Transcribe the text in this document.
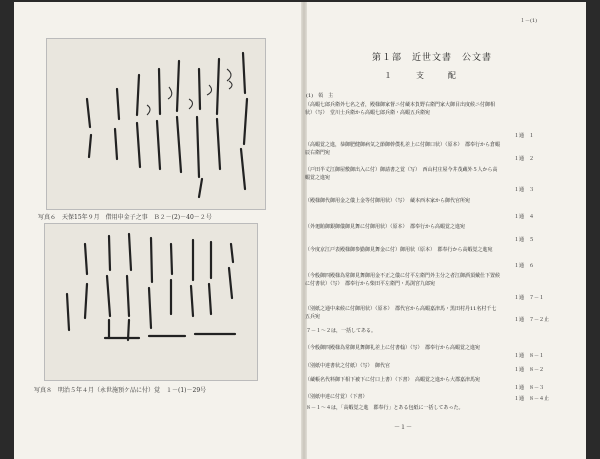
写真６　天保15年９月　借用申金子之事　Ｂ２－(2)－40－２号
写真８　明治５年４月（永世施預ケ品に付）覚　１－(1)－29号
１－(1)
第１部　近世文書　公文書
１　支　配
(1)　領　主
（高蝦七郎兵衛外七名之者，殿様御家督ニ付蔵本負野右衛門家大御目出度候ニ付御相状）（写）　堂川士兵衛から高蝦七郎兵衛・高蝦五兵衛宛
１通　１
（高蝦覚之進，恭御肥健御病気之節御幹僕札差上に付御口状）（原本）　郡奉行から倉蝦辰右衛門宛
１通　２
（戸田半丈江御屋敷御出入に付）御請書之覚（写）　西山村庄屋今井茂蔵外５人から高蝦覚之進宛
１通　３
（殿様御代御用金之儀上金等付御用状）（写）　蔵本西本家から御代官所宛
１通　４
（外廻賄御銀御儀御見舞に付御用状）（原本）　郡奉行から高蝦覚之進宛
１通　５
（今度京江戸表殿様御参勤御見舞金に付）御用状（原本）　郡奉行から高蝦覚之進宛
１通　６
（今般御四殿様為常御見舞御用金不正之儀に付平左衛門外主分之者江御酒頂戴仕下置候に付書状）（写）　郡奉行から柴田平左衛門・馬渕宮九郎宛
１通　７－１
（別紙之通中来候に付御用状）（原本）　郡代官から高蝦嘉津馬・黒田村丹11名村千七五兵宛	１通　７－２止
７－１～２は，一括してある。
（今般御四殿様為常御見舞御礼差上に付書翰）（写）　郡奉行から高蝦覚之進宛
１通　８－１
（別紙中達書状之付紙）（写）　御代官
１通　８－２
（蔵帳名代料御下相下被下に付口上書）（下書）　高蝦覚之進から大郡嘉津馬宛
１通　８－３
（別紙申達に付覚）（下書）	１通　８－４止
８－１～４は，「高蝦覚之進　郡奉行」とある包紙に一括してあった。
－１－
